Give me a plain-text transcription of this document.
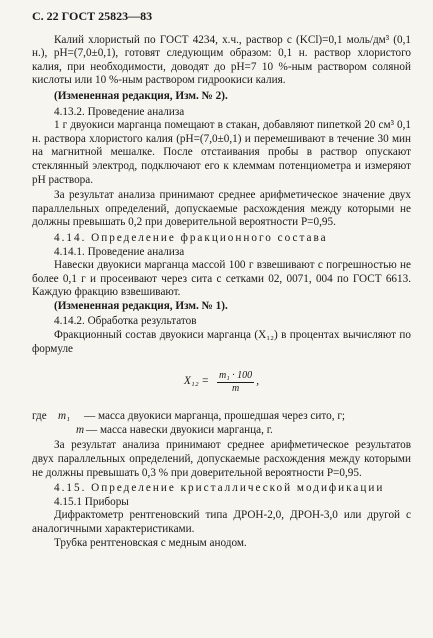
С. 22 ГОСТ 25823—83

Калий хлористый по ГОСТ 4234, х.ч., раствор с (KCl)=0,1 моль/дм³ (0,1 н.), рН=(7,0±0,1), готовят следующим образом: 0,1 н. раствор хлористого калия, при необходимости, доводят до рН=7 10 %-ным раствором соляной кислоты или 10 %-ным раствором гидроокиси калия.

(Измененная редакция, Изм. № 2).

4.13.2. Проведение анализа

1 г двуокиси марганца помещают в стакан, добавляют пипеткой 20 см³ 0,1 н. раствора хлористого калия (рН=(7,0±0,1) и перемешивают в течение 30 мин на магнитной мешалке. После отстаивания пробы в раствор опускают стеклянный электрод, подключают его к клеммам потенциометра и измеряют рН раствора.

За результат анализа принимают среднее арифметическое значение двух параллельных определений, допускаемые расхождения между которыми не должны превышать 0,2 при доверительной вероятности Р=0,95.

4.14. Определение фракционного состава

4.14.1. Проведение анализа

Навески двуокиси марганца массой 100 г взвешивают с погрешностью не более 0,1 г и просеивают через сита с сетками 02, 0071, 004 по ГОСТ 6613. Каждую фракцию взвешивают.

(Измененная редакция, Изм. № 1).

4.14.2. Обработка результатов

Фракционный состав двуокиси марганца (X₁₂) в процентах вычисляют по формуле

$X_{12} = \frac{\text{m₁ · 100}}{m}$ ,
где m₁	— масса двуокиси марганца, прошедшая через сито, г;
m — масса навески двуокиси марганца, г.

За результат анализа принимают среднее арифметическое результатов двух параллельных определений, допускаемые расхождения между которыми не должны превышать 0,3 % при доверительной вероятности Р=0,95.

4.15. Определение кристаллической модификации

4.15.1 Приборы

Дифрактометр рентгеновский типа ДРОН-2,0, ДРОН-3,0 или другой с аналогичными характеристиками.

Трубка рентгеновская с медным анодом.
